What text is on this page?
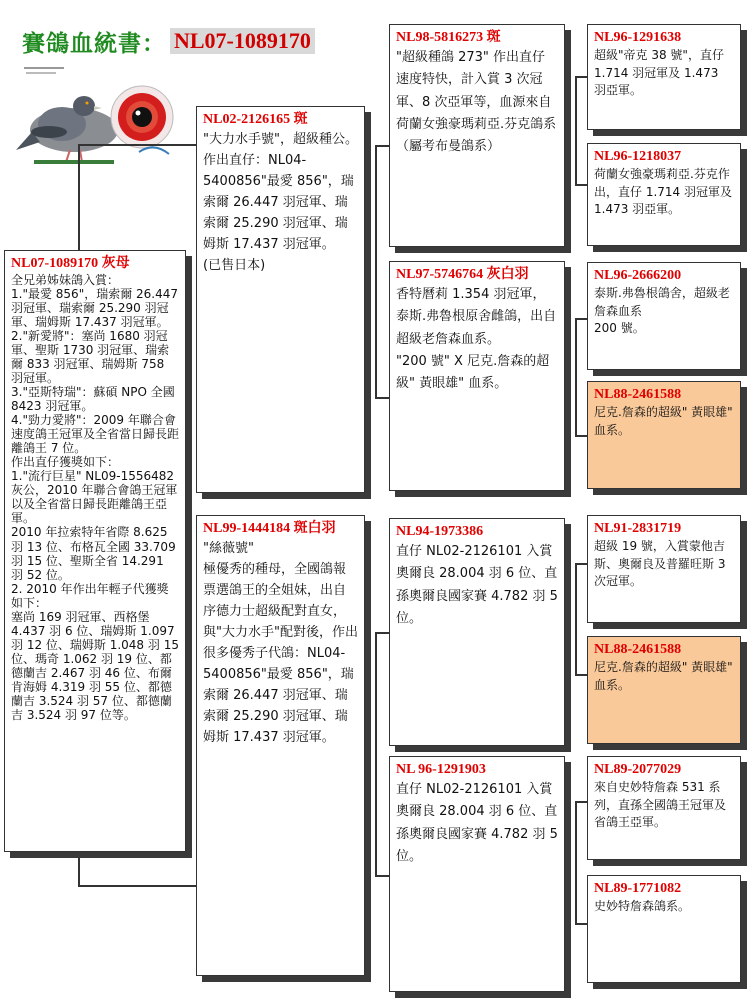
賽鴿血統書： NL07-1089170
NL07-1089170 灰母
全兄弟姊妹鴿入賞：
1."最愛 856"，瑞索爾 26.447 羽冠軍、瑞索爾 25.290 羽冠軍、瑞姆斯 17.437 羽冠軍。
2."新愛將"：塞尚 1680 羽冠軍、聖斯 1730 羽冠軍、瑞索爾 833 羽冠軍、瑞姆斯 758 羽冠軍。
3."亞斯特瑞"：蘇碩 NPO 全國 8423 羽冠軍。
4."勁力愛將"：2009 年聯合會速度鴿王冠軍及全省當日歸長距離鴿王 7 位。
作出直仔獲獎如下：
1."流行巨星" NL09-1556482 灰公，2010 年聯合會鴿王冠軍以及全省當日歸長距離鴿王亞軍。
2010 年拉索特年省際 8.625 羽 13 位、布格瓦全國 33.709 羽 15 位、聖斯全省 14.291 羽 52 位。
2. 2010 年作出年輕子代獲獎如下：
塞尚 169 羽冠軍、西格堡 4.437 羽 6 位、瑞姆斯 1.097 羽 12 位、瑞姆斯 1.048 羽 15 位、瑪奇 1.062 羽 19 位、都德蘭吉 2.467 羽 46 位、布爾肯海姆 4.319 羽 55 位、都德蘭吉 3.524 羽 57 位、都德蘭吉 3.524 羽 97 位等。
NL02-2126165 斑
"大力水手號"，超級種公。作出直仔：NL04-5400856"最愛 856"，瑞索爾 26.447 羽冠軍、瑞索爾 25.290 羽冠軍、瑞姆斯 17.437 羽冠軍。
(已售日本)
NL99-1444184 斑白羽
"絲薇號"
極優秀的種母，全國鴿報票選鴿王的全姐妹，出自序德力士超級配對直女，與"大力水手"配對後，作出很多優秀子代鴿：NL04-5400856"最愛 856"，瑞索爾 26.447 羽冠軍、瑞索爾 25.290 羽冠軍、瑞姆斯 17.437 羽冠軍。
NL98-5816273 斑
"超級種鴿 273" 作出直仔速度特快，計入賞 3 次冠軍、8 次亞軍等，血源來自荷蘭女強豪瑪莉亞.芬克鴿系
（屬考布曼鴿系）
NL97-5746764 灰白羽
香特曆莉 1.354 羽冠軍，泰斯.弗魯根原舍雌鴿，出自超級老詹森血系。
"200 號" X 尼克.詹森的超級" 黃眼雄" 血系。
NL94-1973386
直仔 NL02-2126101 入賞奧爾良 28.004 羽 6 位、直孫奧爾良國家賽 4.782 羽 5 位。
NL 96-1291903
直仔 NL02-2126101 入賞奧爾良 28.004 羽 6 位、直孫奧爾良國家賽 4.782 羽 5 位。
NL96-1291638
超級"帝克 38 號"，直仔 1.714 羽冠軍及 1.473 羽亞軍。
NL96-1218037
荷蘭女強豪瑪莉亞.芬克作出，直仔 1.714 羽冠軍及 1.473 羽亞軍。
NL96-2666200
泰斯.弗魯根鴿舍，超級老詹森血系
200 號。
NL88-2461588
尼克.詹森的超級" 黃眼雄" 血系。
NL91-2831719
超級 19 號，入賞蒙他吉斯、奧爾良及普羅旺斯 3 次冠軍。
NL88-2461588
尼克.詹森的超級" 黃眼雄" 血系。
NL89-2077029
來自史妙特詹森 531 系列，直孫全國鴿王冠軍及省鴿王亞軍。
NL89-1771082
史妙特詹森鴿系。
